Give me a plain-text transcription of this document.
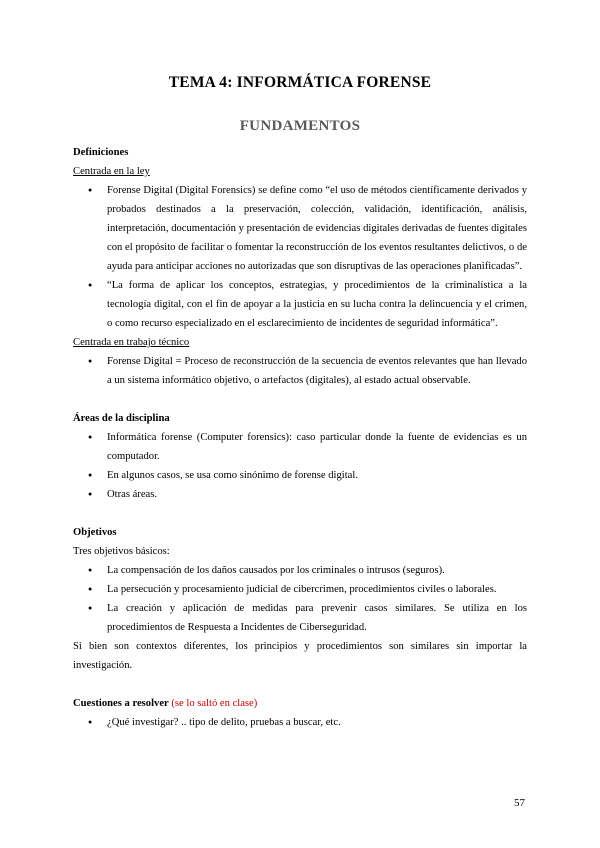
TEMA 4: INFORMÁTICA FORENSE
FUNDAMENTOS

Definiciones

Centrada en la ley

● Forense Digital (Digital Forensics) se define como “el uso de métodos científicamente derivados y probados destinados a la preservación, colección, validación, identificación, análisis, interpretación, documentación y presentación de evidencias digitales derivadas de fuentes digitales con el propósito de facilitar o fomentar la reconstrucción de los eventos resultantes delictivos, o de ayuda para anticipar acciones no autorizadas que son disruptivas de las operaciones planificadas”.
● “La forma de aplicar los conceptos, estrategias, y procedimientos de la criminalística a la tecnología digital, con el fin de apoyar a la justicia en su lucha contra la delincuencia y el crimen, o como recurso especializado en el esclarecimiento de incidentes de seguridad informática”.

Centrada en trabajo técnico

● Forense Digital = Proceso de reconstrucción de la secuencia de eventos relevantes que han llevado a un sistema informático objetivo, o artefactos (digitales), al estado actual observable.

Áreas de la disciplina

● Informática forense (Computer forensics): caso particular donde la fuente de evidencias es un computador.
● En algunos casos, se usa como sinónimo de forense digital.
● Otras áreas.

Objetivos

Tres objetivos básicos:

● La compensación de los daños causados por los criminales o intrusos (seguros).
● La persecución y procesamiento judicial de cibercrimen, procedimientos civiles o laborales.
● La creación y aplicación de medidas para prevenir casos similares. Se utiliza en los procedimientos de Respuesta a Incidentes de Ciberseguridad.

Si bien son contextos diferentes, los principios y procedimientos son similares sin importar la investigación.

Cuestiones a resolver (se lo saltó en clase)

● ¿Qué investigar? .. tipo de delito, pruebas a buscar, etc.
57
